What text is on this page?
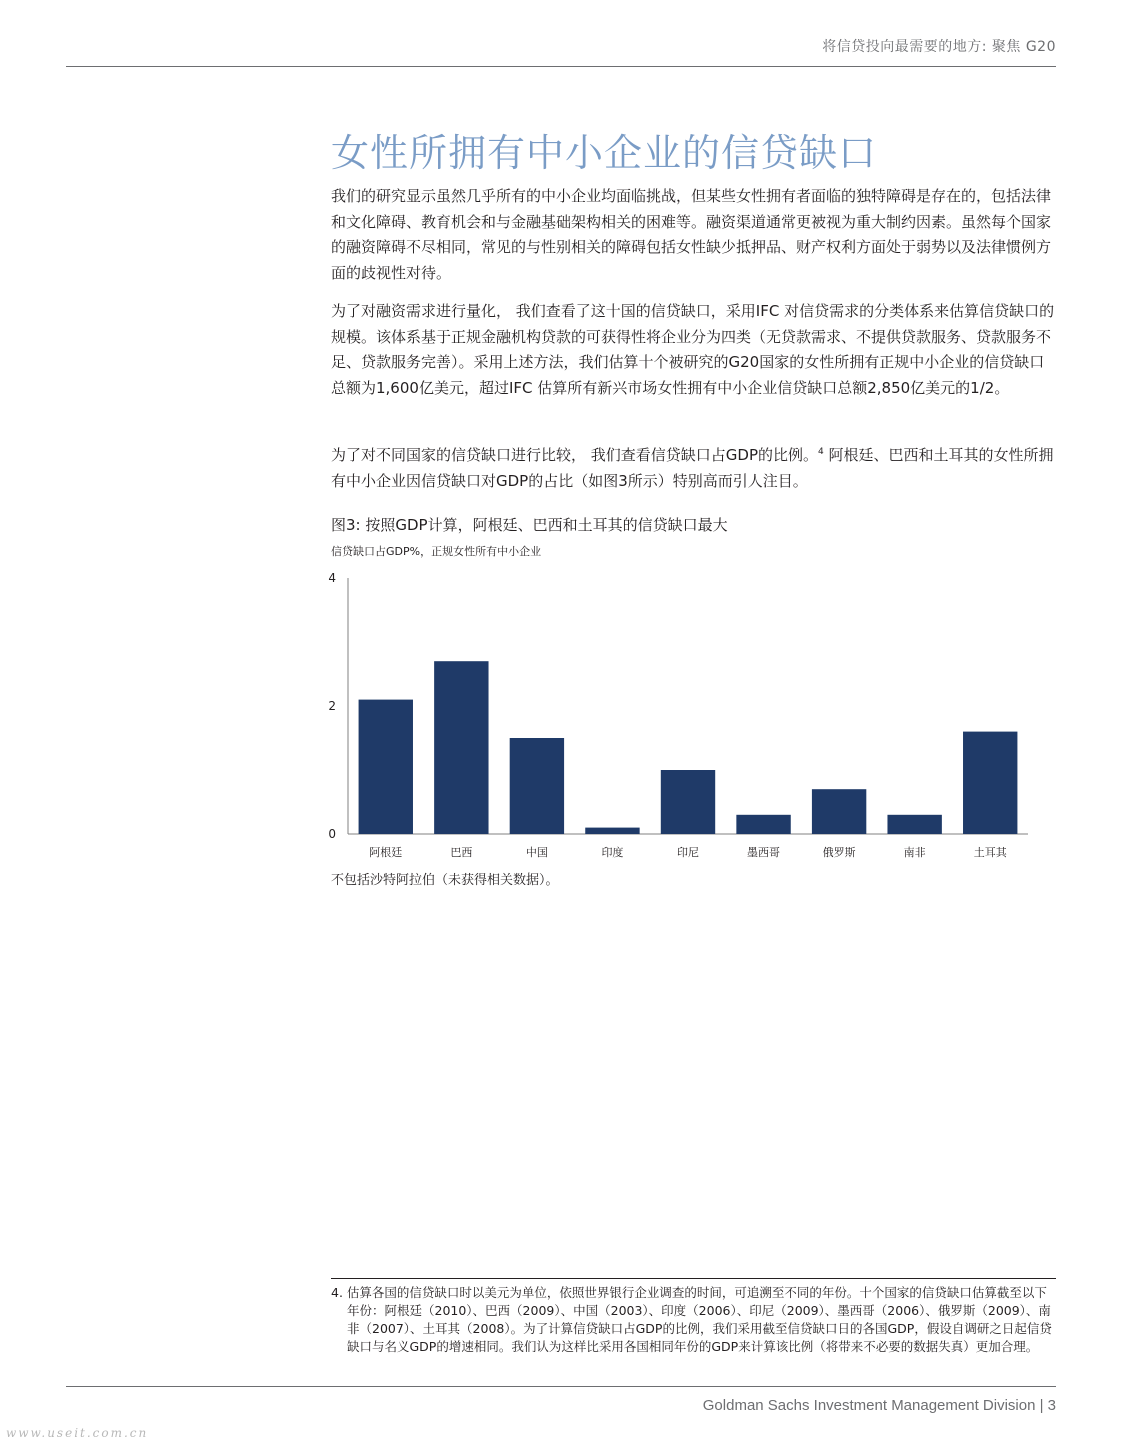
将信贷投向最需要的地方: 聚焦 G20
女性所拥有中小企业的信贷缺口

我们的研究显示虽然几乎所有的中小企业均面临挑战，但某些女性拥有者面临的独特障碍是存在的，包括法律和文化障碍、教育机会和与金融基础架构相关的困难等。融资渠道通常更被视为重大制约因素。虽然每个国家的融资障碍不尽相同，常见的与性别相关的障碍包括女性缺少抵押品、财产权利方面处于弱势以及法律惯例方面的歧视性对待。

为了对融资需求进行量化， 我们查看了这十国的信贷缺口，采用IFC 对信贷需求的分类体系来估算信贷缺口的规模。该体系基于正规金融机构贷款的可获得性将企业分为四类（无贷款需求、不提供贷款服务、贷款服务不足、贷款服务完善）。采用上述方法，我们估算十个被研究的G20国家的女性所拥有正规中小企业的信贷缺口总额为1,600亿美元，超过IFC 估算所有新兴市场女性拥有中小企业信贷缺口总额2,850亿美元的1/2。

为了对不同国家的信贷缺口进行比较， 我们查看信贷缺口占GDP的比例。$^4$ 阿根廷、巴西和土耳其的女性所拥有中小企业因信贷缺口对GDP的占比（如图3所示）特别高而引人注目。

图3: 按照GDP计算，阿根廷、巴西和土耳其的信贷缺口最大
信贷缺口占GDP%，正规女性所有中小企业
0
2
4
阿根廷	巴西	中国	印度	印尼	墨西哥	俄罗斯	南非	土耳其
不包括沙特阿拉伯（未获得相关数据）。

4. 估算各国的信贷缺口时以美元为单位，依照世界银行企业调查的时间，可追溯至不同的年份。十个国家的信贷缺口估算截至以下年份：阿根廷（2010）、巴西（2009）、中国（2003）、印度（2006）、印尼（2009）、墨西哥（2006）、俄罗斯（2009）、南非（2007）、土耳其（2008）。为了计算信贷缺口占GDP的比例，我们采用截至信贷缺口日的各国GDP，假设自调研之日起信贷缺口与名义GDP的增速相同。我们认为这样比采用各国相同年份的GDP来计算该比例（将带来不必要的数据失真）更加合理。

Goldman Sachs Investment Management Division | 3
www.useit.com.cn
